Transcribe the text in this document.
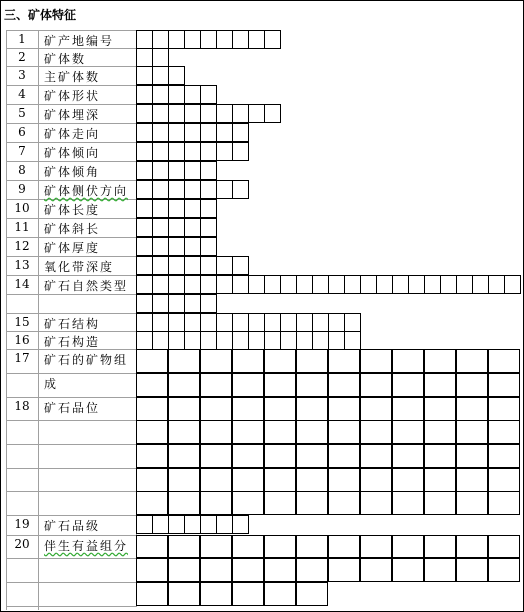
三、矿体特征
1	矿产地编号
2	矿体数
3	主矿体数
4	矿体形状
5	矿体埋深
6	矿体走向
7	矿体倾向
8	矿体倾角
9	矿体侧伏方向
10	矿体长度
11	矿体斜长
12	矿体厚度
13	氧化带深度
14	矿石自然类型
15	矿石结构
16	矿石构造
17	矿石的矿物组
成
18	矿石品位
19	矿石品级
20	伴生有益组分
